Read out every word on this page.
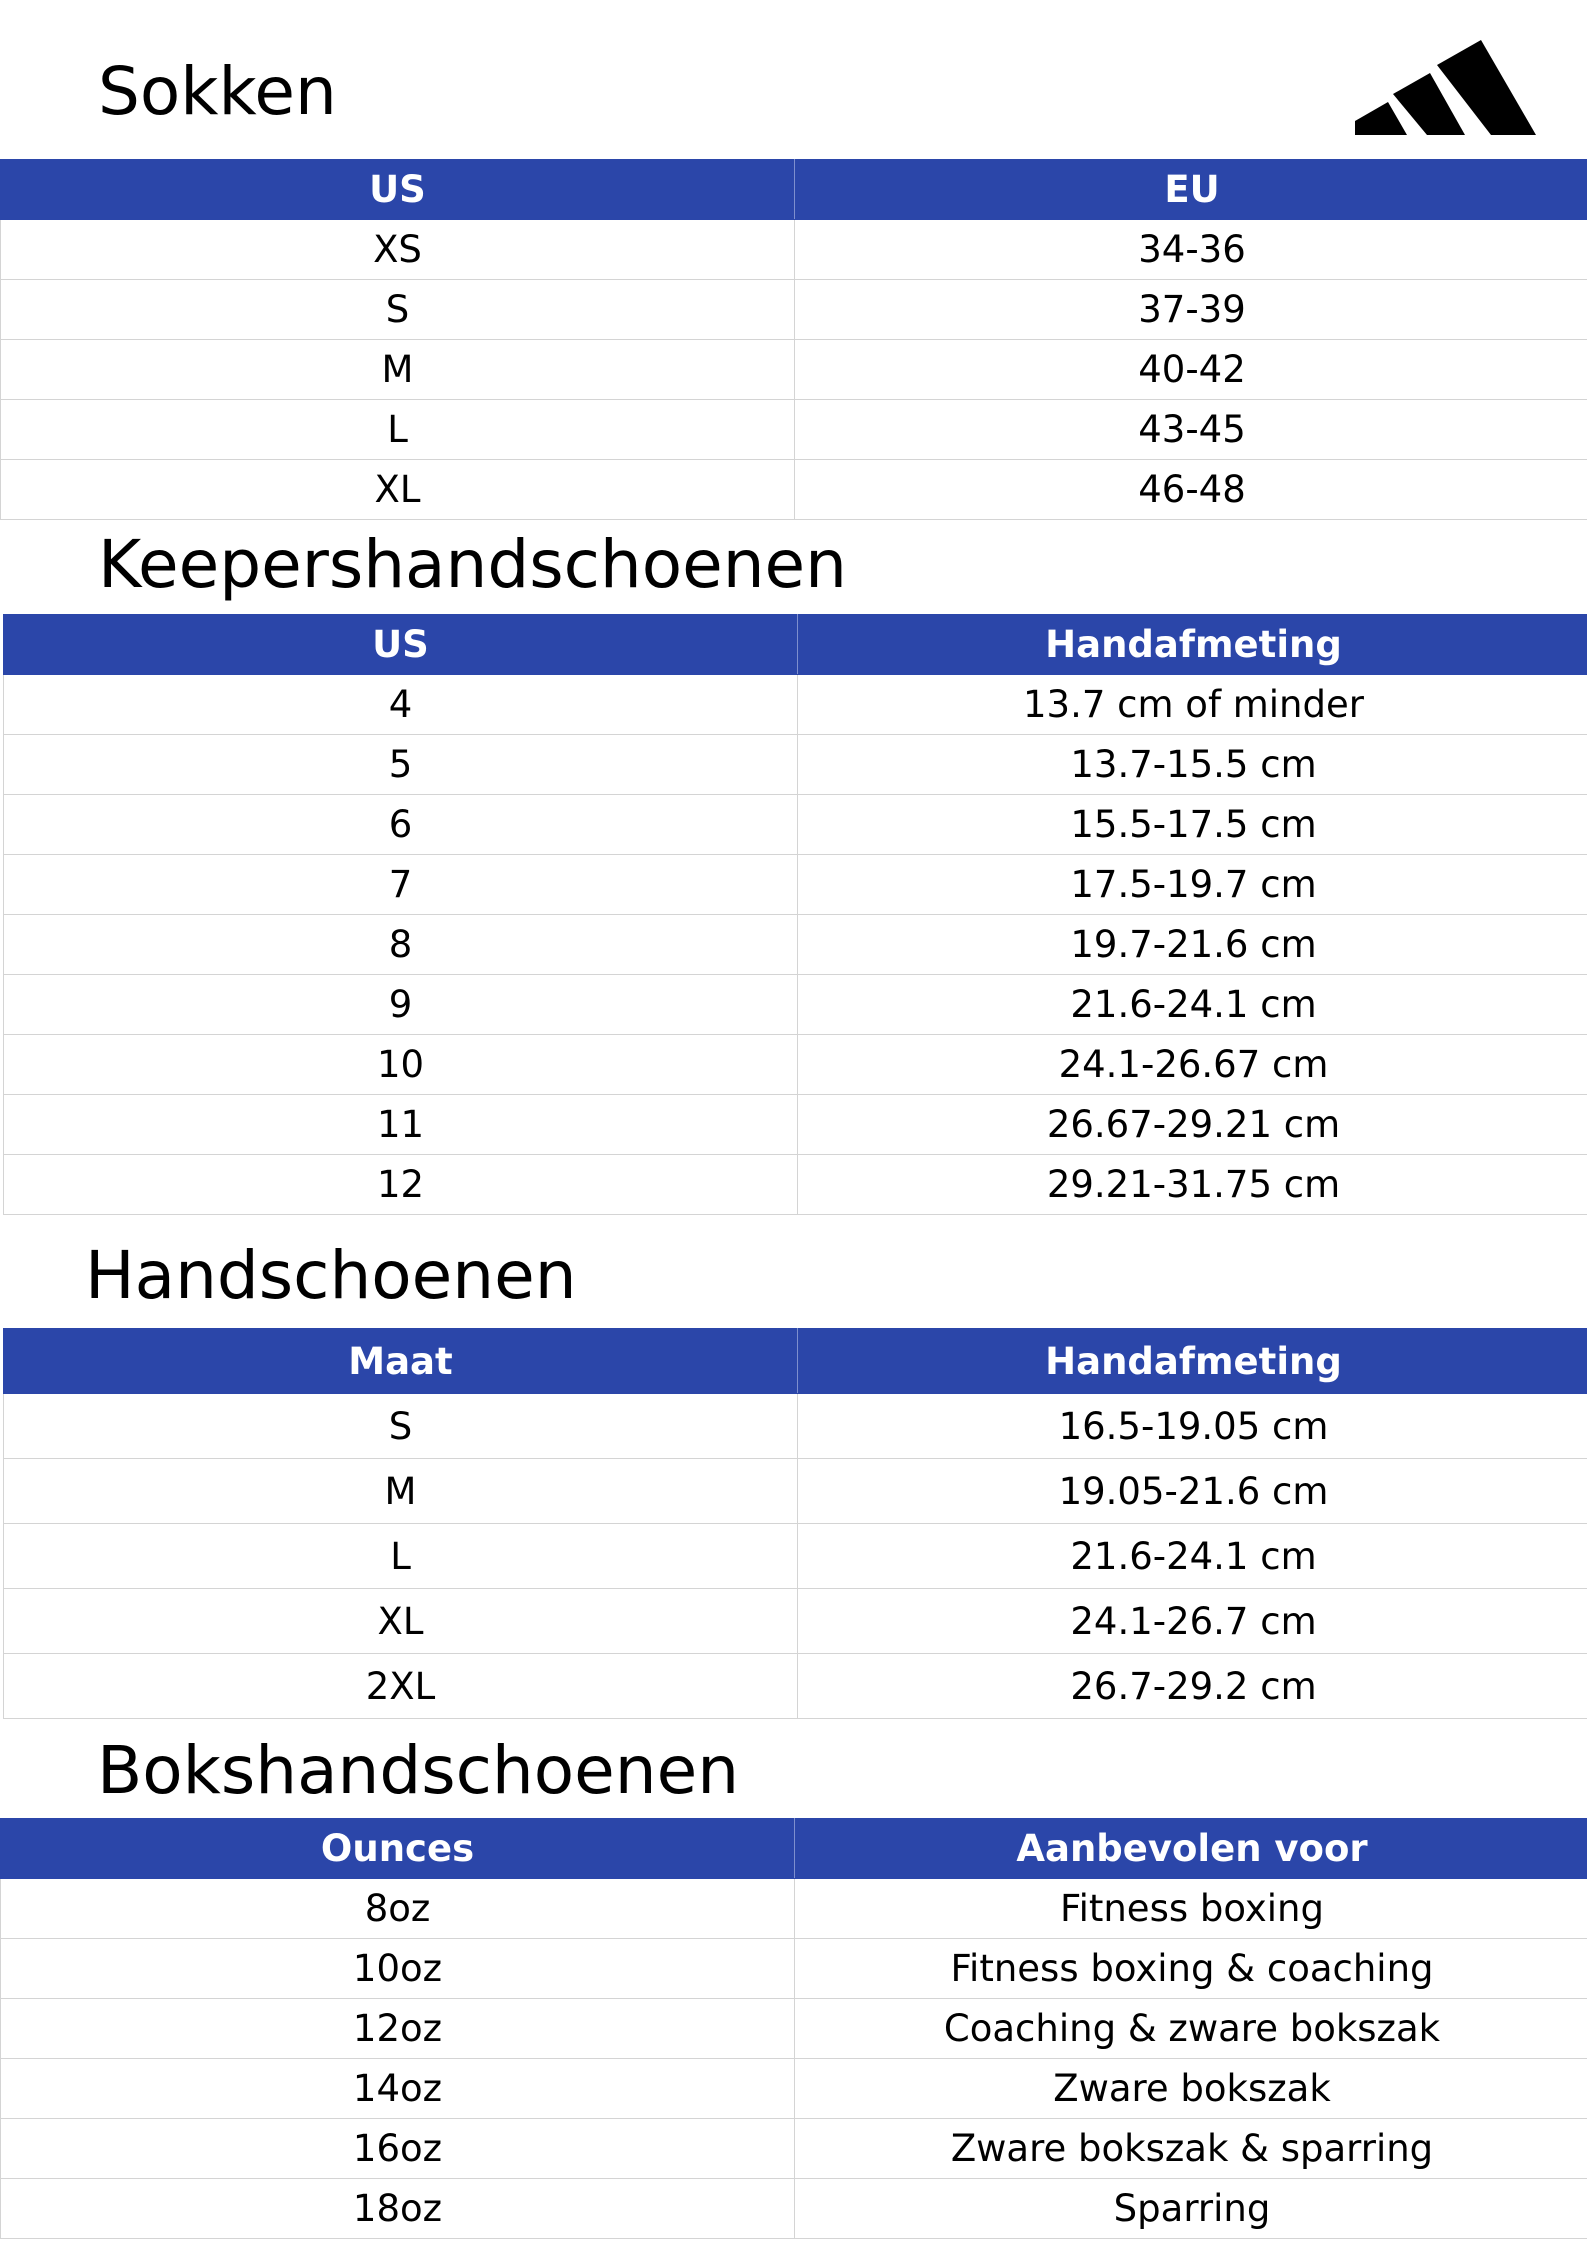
Sokken
US	EU
XS	34-36
S	37-39
M	40-42
L	43-45
XL	46-48
Keepershandschoenen
US	Handafmeting
4	13.7 cm of minder
5	13.7-15.5 cm
6	15.5-17.5 cm
7	17.5-19.7 cm
8	19.7-21.6 cm
9	21.6-24.1 cm
10	24.1-26.67 cm
11	26.67-29.21 cm
12	29.21-31.75 cm
Handschoenen
Maat	Handafmeting
S	16.5-19.05 cm
M	19.05-21.6 cm
L	21.6-24.1 cm
XL	24.1-26.7 cm
2XL	26.7-29.2 cm
Bokshandschoenen
Ounces	Aanbevolen voor
8oz	Fitness boxing
10oz	Fitness boxing & coaching
12oz	Coaching & zware bokszak
14oz	Zware bokszak
16oz	Zware bokszak & sparring
18oz	Sparring
